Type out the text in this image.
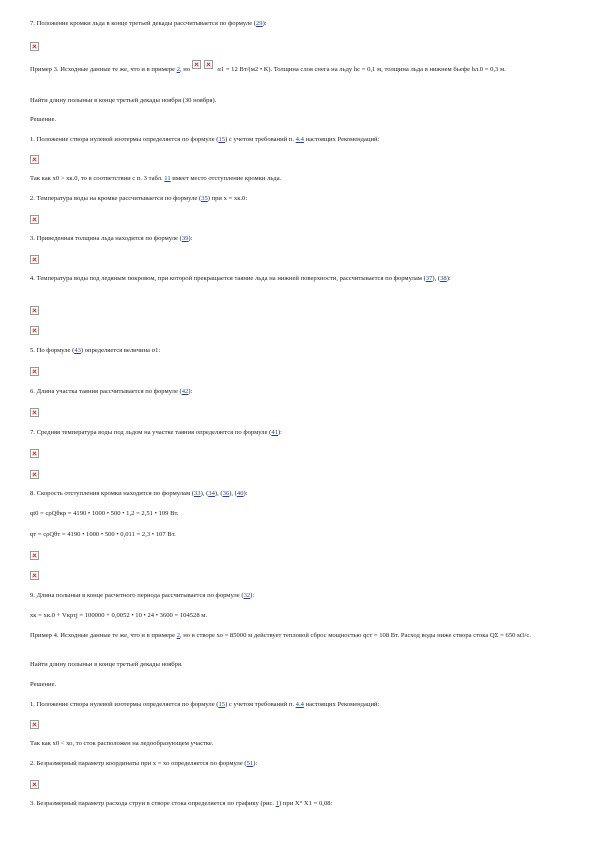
7. Положение кромки льда в конце третьей декады рассчитывается по формуле (29):
Пример 3. Исходные данные те же, что и в примере 2, но	α1 = 12 Вт/(м2 • К). Толщина слоя снега на льду hс = 0,1 м, толщина льда в нижнем бьефе hл.0 = 0,3 м.
Найти длину полыньи в конце третьей декады ноября (30 ноября).
Решение.
1. Положение створа нулевой изотермы определяется по формуле (15) с учетом требований п. 4.4 настоящих Рекомендаций:
Так как x0 > хк.0, то в соответствии с п. 3 табл. 11 имеет место отступление кромки льда.
2. Температура воды на кромке рассчитывается по формуле (35) при x = хк.0:
3. Приведенная толщина льда находится по формуле (39):
4. Температура воды под ледяным покровом, при которой прекращается таяние льда на нижней поверхности, рассчитывается по формулам (37), (38):
5. По формуле (43) определяется величина σ1:
6. Длина участка таяния рассчитывается по формуле (42):
7. Средняя температура воды под льдом на участке таяния определяется по формуле (41):
8. Скорость отступления кромки находится по формулам (33), (34), (36), (40):
qt0 = cρQθкр = 4190 • 1000 • 500 • 1,2 = 2,51 • 109 Вт.
qт = cρQθт = 4190 • 1000 • 500 • 0,011 = 2,3 • 107 Вт.
9. Длина полыньи в конце расчетного периода рассчитывается по формуле (32):
хк = хк.0 + Vкрτj = 100000 + 0,0052 • 10 • 24 • 3600 = 104528 м.
Пример 4. Исходные данные те же, что и в примере 2, но в створе хо = 85000 м действует тепловой сброс мощностью qст = 108 Вт. Расход воды ниже створа стока QΣ = 650 м3/с.
Найти длину полыньи в конце третьей декады ноября.
Решение.
1. Положение створа нулевой изотермы определяется по формуле (15) с учетом требований п. 4.4 настоящих Рекомендаций:
Так как x0 < хо, то сток расположен на ледообразующем участке.
2. Безразмерный параметр координаты при x = хо определяется по формуле (51):
3. Безразмерный параметр расхода струи в створе стока определяется по графику (рис. 1) при Х° Х1 = 0,08:
